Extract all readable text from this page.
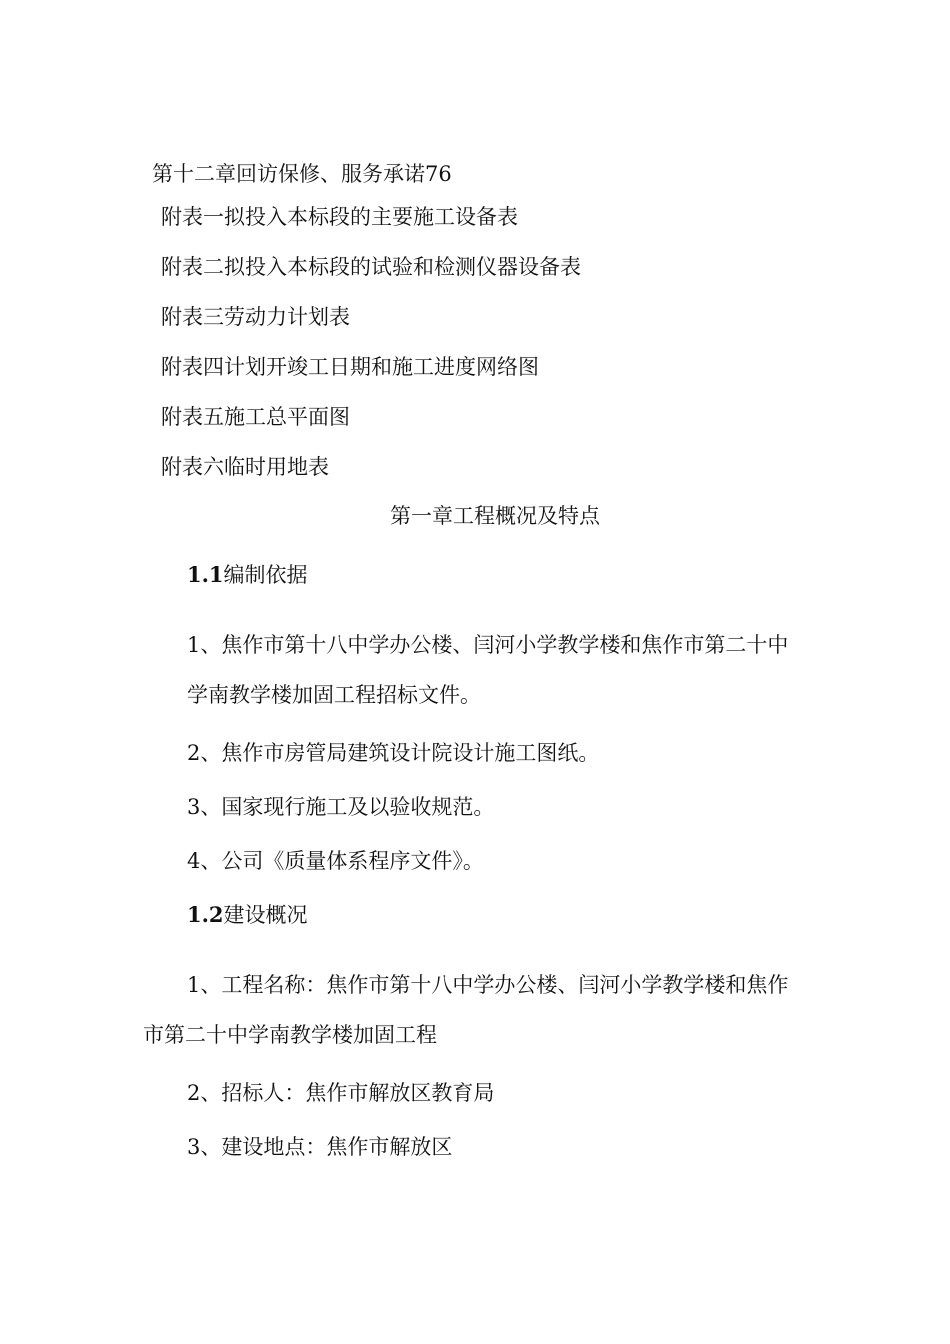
第十二章回访保修、服务承诺76

附表一拟投入本标段的主要施工设备表

附表二拟投入本标段的试验和检测仪器设备表

附表三劳动力计划表

附表四计划开竣工日期和施工进度网络图

附表五施工总平面图

附表六临时用地表

第一章工程概况及特点

1.1编制依据

1、焦作市第十八中学办公楼、闫河小学教学楼和焦作市第二十中

学南教学楼加固工程招标文件。

2、焦作市房管局建筑设计院设计施工图纸。

3、国家现行施工及以验收规范。

4、公司《质量体系程序文件》。

1.2建设概况

1、工程名称：焦作市第十八中学办公楼、闫河小学教学楼和焦作

市第二十中学南教学楼加固工程

2、招标人：焦作市解放区教育局

3、建设地点：焦作市解放区
